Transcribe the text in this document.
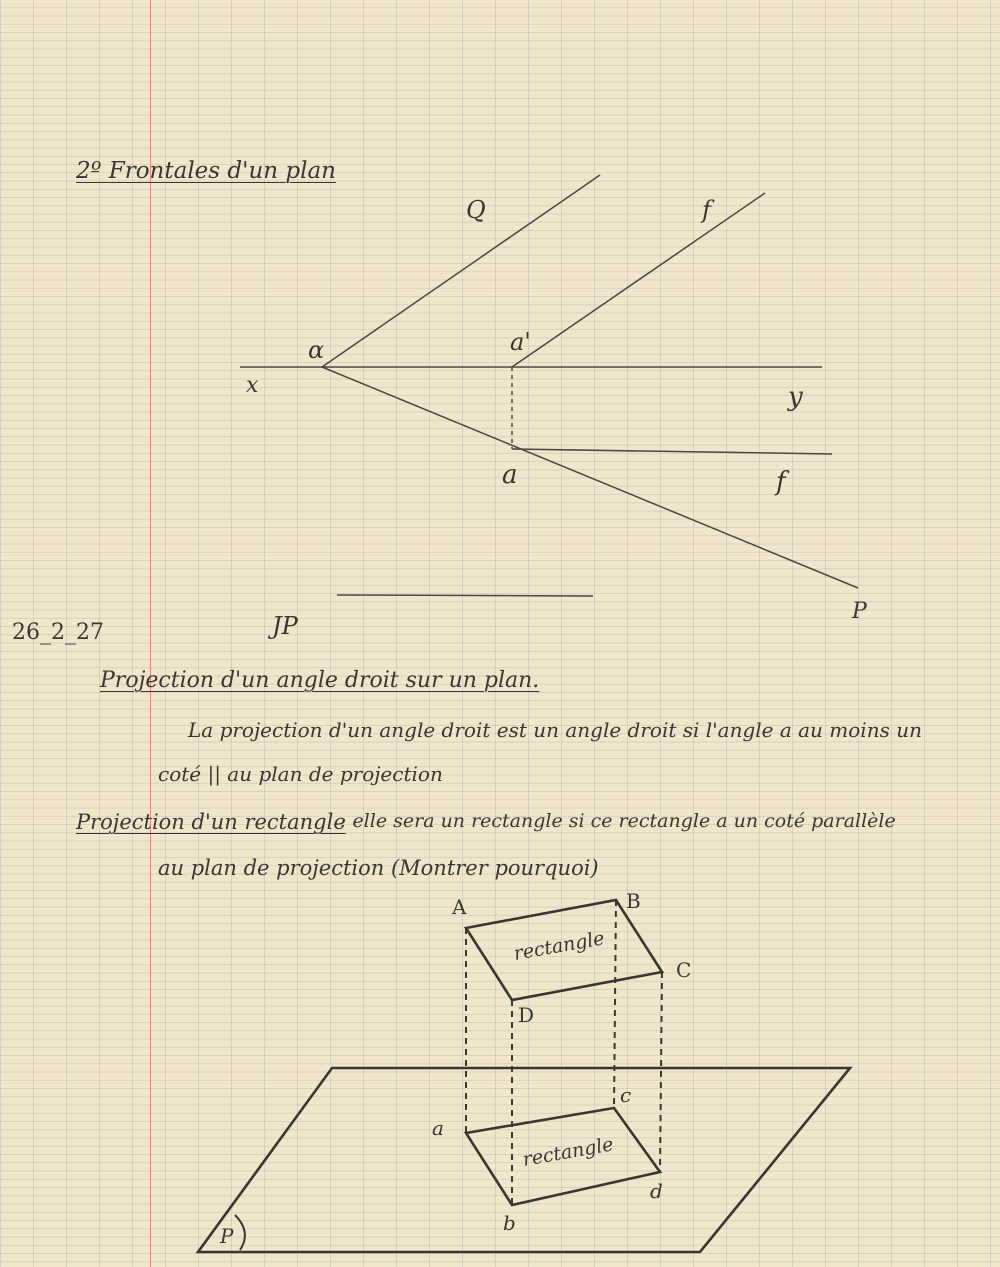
2º Frontales d'un plan
Q	f
α	a'
x	y
a	f
P
26_2_27	JP
Projection d'un angle droit sur un plan.
La projection d'un angle droit est un angle droit si l'angle a au moins un
coté || au plan de projection
Projection d'un rectangle
: elle sera un rectangle si ce rectangle a un coté parallèle
au plan de projection (Montrer pourquoi)
A	B
C
D
rectangle
a
c
b
d
rectangle
P
